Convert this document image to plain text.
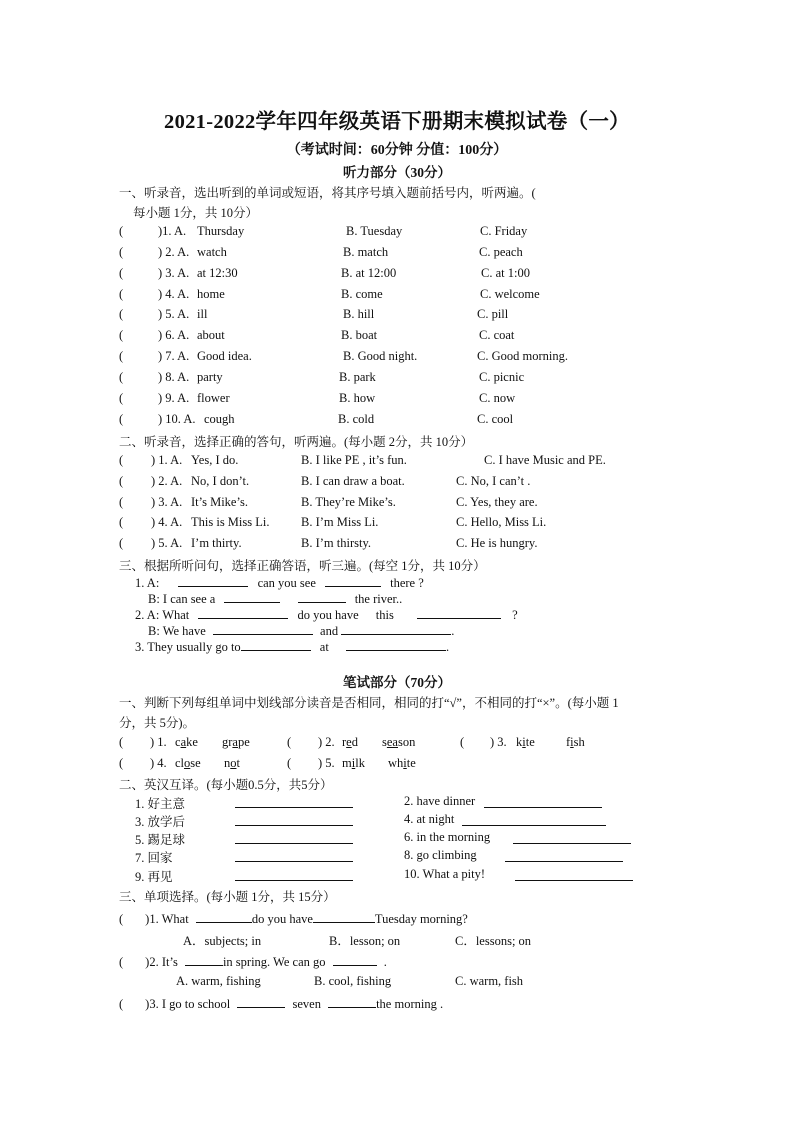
2021-2022学年四年级英语下册期末模拟试卷（一）
（考试时间：60分钟 分值：100分）
听力部分（30分）
一、听录音，选出听到的单词或短语，将其序号填入题前括号内，听两遍。(
每小题 1分，共 10分）
(	)1. A. Thursday	B. Tuesday	C. Friday
(	) 2. A. watch	B. match	C. peach
(	) 3. A. at 12:30	B. at 12:00	C. at 1:00
(	) 4. A. home	B. come	C. welcome
(	) 5. A. ill	B. hill	C. pill
(	) 6. A. about	B. boat	C. coat
(	) 7. A. Good idea.	B. Good night.	C. Good morning.
(	) 8. A. party	B. park	C. picnic
(	) 9. A. flower	B. how	C. now
(	) 10. A. cough	B. cold	C. cool
二、听录音，选择正确的答句，听两遍。(每小题 2分，共 10分）
( ) 1. A. Yes, I do.	B. I like PE , it’s fun.	C. I have Music and PE.
( ) 2. A. No, I don’t.	B. I can draw a boat.	C. No, I can’t .
( ) 3. A. It’s Mike’s.	B. They’re Mike’s.	C. Yes, they are.
( ) 4. A. This is Miss Li.	B. I’m Miss Li.	C. Hello, Miss Li.
( ) 5. A. I’m thirty.	B. I’m thirsty.	C. He is hungry.
三、根据所听问句，选择正确答语，听三遍。(每空 1分，共 10分）
1. A:	can you see	there ?
B: I can see a	the river..
2. A: What	do you have this	?
B: We have	and	.
3. They usually go to	at	.
笔试部分（70分）
一、判断下列每组单词中划线部分读音是否相同，相同的打“√”，不相同的打“×”。(每小题 1
分，共 5分)。
( ) 1. cake grape	( ) 2. red season	( ) 3. kite fish
( ) 4. close not	( ) 5. milk white
二、英汉互译。(每小题0.5分，共5分）
1. 好主意	2. have dinner
3. 放学后	4. at night
5. 踢足球	6. in the morning
7. 回家	8. go climbing
9. 再见	10. What a pity!
三、单项选择。(每小题 1分，共 15分）
( )1. What	do you have	Tuesday morning?
A．subjects; in	B．lesson; on	C．lessons; on
( )2. It’s	in spring. We can go	.
A. warm, fishing	B. cool, fishing	C. warm, fish
( )3. I go to school	seven	the morning .
